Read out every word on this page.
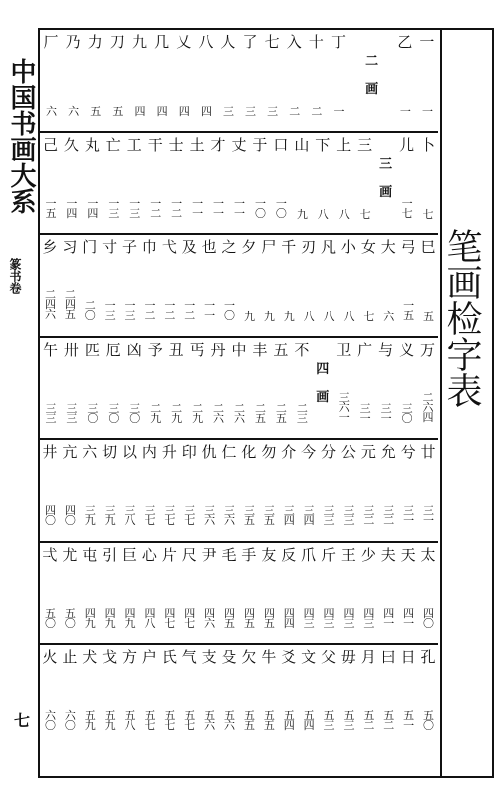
中国书画大系
篆书卷
七
笔画检字表
厂
六
乃
六
力
五
刀
五
九
四
几
四
乂
四
八
四
人
三
了
三
七
三
入
二
十
二
丁
一
二
画
乙
一
一
一
己
一
五
久
一
四
丸
一
四
亡
一
三
工
一
三
干
一
二
士
一
二
土
一
一
才
一
一
丈
一
一
于
一
〇
口
一
〇
山
九
下
八
上
八
三
七
三
画
儿
一
七
卜
七
乡
二
四
六
习
二
四
五
门
二
〇
寸
一
三
子
一
三
巾
一
二
弋
一
二
及
一
二
也
一
一
之
一
〇
夕
九
尸
九
千
九
刃
八
凡
八
小
八
女
七
大
六
弓
一
五
巳
五
午
三
三
卅
三
三
匹
三
〇
厄
三
〇
凶
三
〇
予
二
九
丑
二
九
丐
二
九
丹
二
六
中
二
六
丰
二
五
五
二
五
不
二
三
四
画
卫
三
六
一
广
三
一
与
三
一
义
三
〇
万
二
六
四
井
四
〇
亢
四
〇
六
三
九
切
三
九
以
三
八
内
三
七
升
三
七
印
三
七
仇
三
六
仁
三
六
化
三
五
勿
三
五
介
三
四
今
三
四
分
三
三
公
三
三
元
三
二
允
三
二
兮
三
一
廿
三
一
弌
五
〇
尤
五
〇
屯
四
九
引
四
九
巨
四
九
心
四
八
片
四
七
尺
四
七
尹
四
六
毛
四
五
手
四
五
友
四
五
反
四
四
爪
四
三
斤
四
三
王
四
三
少
四
三
夫
四
一
天
四
一
太
四
〇
火
六
〇
止
六
〇
犬
五
九
戈
五
九
方
五
八
户
五
七
氏
五
七
气
五
七
支
五
六
殳
五
六
欠
五
五
牛
五
五
爻
五
四
文
五
四
父
五
三
毋
五
三
月
五
二
曰
五
二
日
五
一
孔
五
〇
